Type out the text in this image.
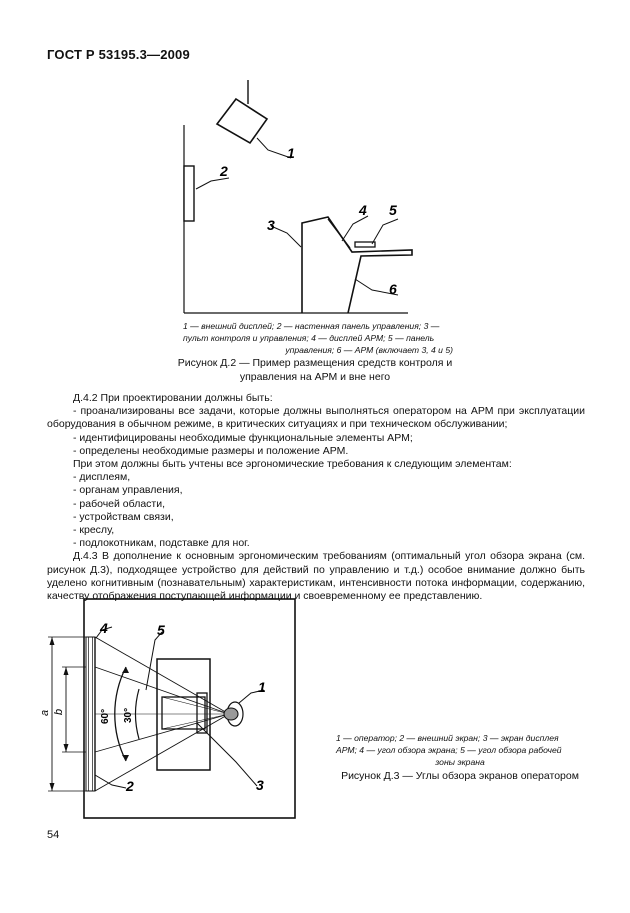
ГОСТ Р 53195.3—2009
1
2
3
4 5
6
1 — внешний дисплей; 2 — настенная панель управления; 3 —
пульт контроля и управления; 4 — дисплей АРМ; 5 — панель
управления; 6 — АРМ (включает 3, 4 и 5)
Рисунок Д.2 — Пример размещения средств контроля и
управления на АРМ и вне него

Д.4.2 При проектировании должны быть:

- проанализированы все задачи, которые должны выполняться оператором на АРМ при эксплуатации оборудования в обычном режиме, в критических ситуациях и при техническом обслуживании;

- идентифицированы необходимые функциональные элементы АРМ;

- определены необходимые размеры и положение АРМ.

При этом должны быть учтены все эргономические требования к следующим элементам:

- дисплеям,

- органам управления,

- рабочей области,

- устройствам связи,

- креслу,

- подлокотникам, подставке для ног.

Д.4.3 В дополнение к основным эргономическим требованиям (оптимальный угол обзора экрана (см. рисунок Д.3), подходящее устройство для действий по управлению и т.д.) особое внимание должно быть уделено когнитивным (познавательным) характеристикам, интенсивности потока информации, содержанию, качеству отображения поступающей информации и своевременному ее представлению.

a b	60° 30°
1
2	3
4	5
1 — оператор; 2 — внешний экран; 3 — экран дисплея
АРМ; 4 — угол обзора экрана; 5 — угол обзора рабочей
зоны экрана
Рисунок Д.3 — Углы обзора экранов оператором
54
